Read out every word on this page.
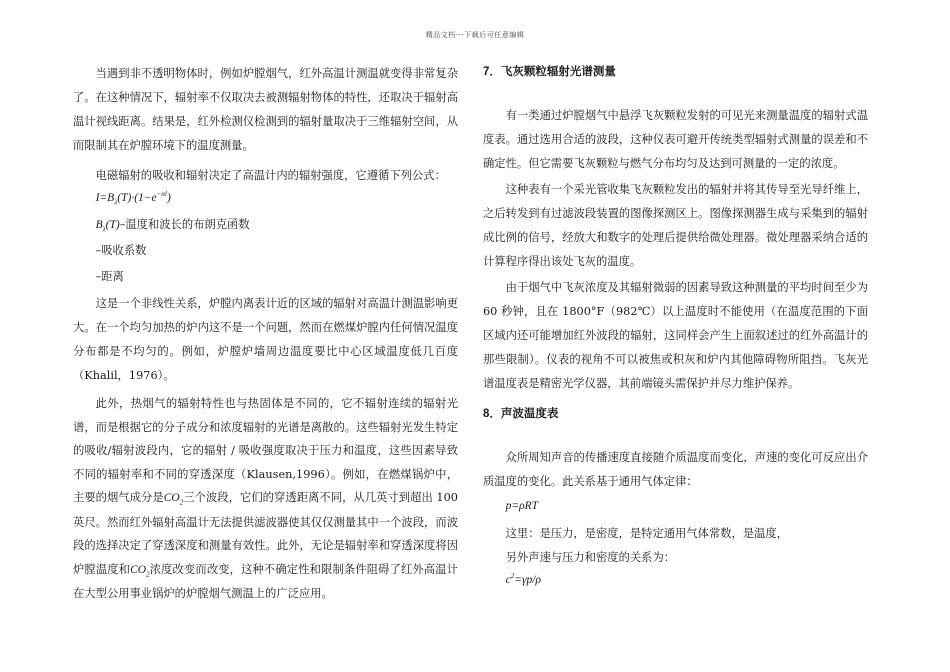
精品文档---下载后可任意编辑

当遇到非不透明物体时，例如炉膛烟气，红外高温计测温就变得非常复杂了。在这种情况下，辐射率不仅取决去被测辐射物体的特性，还取决于辐射高温计视线距离。结果是，红外检测仪检测到的辐射量取决于三维辐射空间，从而限制其在炉膛环境下的温度测量。

电磁辐射的吸收和辐射决定了高温计内的辐射强度，它遵循下列公式：

$I=B_\lambda(T)\cdot(1-e^{-\alpha l})$
$B_\lambda(T)-$温度和波长的布朗克函数
–吸收系数
–距离

这是一个非线性关系，炉膛内离表计近的区域的辐射对高温计测温影响更大。在一个均匀加热的炉内这不是一个问题，然而在燃煤炉膛内任何情况温度分布都是不均匀的。例如，炉膛炉墙周边温度要比中心区域温度低几百度（Khalil，1976）。

此外，热烟气的辐射特性也与热固体是不同的，它不辐射连续的辐射光谱，而是根据它的分子成分和浓度辐射的光谱是离散的。这些辐射光发生特定的吸收/辐射波段内，它的辐射 / 吸收强度取决于压力和温度，这些因素导致不同的辐射率和不同的穿透深度（Klausen,1996）。例如，在燃煤锅炉中，主要的烟气成分是$CO_2$三个波段，它们的穿透距离不同，从几英寸到超出 100 英尺。然而红外辐射高温计无法提供滤波器使其仅仅测量其中一个波段，而波段的选择决定了穿透深度和测量有效性。此外，无论是辐射率和穿透深度将因炉膛温度和$CO_2$浓度改变而改变，这种不确定性和限制条件阻碍了红外高温计在大型公用事业锅炉的炉膛烟气测温上的广泛应用。

7．飞灰颗粒辐射光谱测量

有一类通过炉膛烟气中悬浮飞灰颗粒发射的可见光来测量温度的辐射式温度表。通过选用合适的波段，这种仪表可避开传统类型辐射式测量的误差和不确定性。但它需要飞灰颗粒与燃气分布均匀及达到可测量的一定的浓度。

这种表有一个采光管收集飞灰颗粒发出的辐射并将其传导至光导纤维上，之后转发到有过滤波段装置的图像探测区上。图像探测器生成与采集到的辐射成比例的信号，经放大和数字的处理后提供给微处理器。微处理器采纳合适的计算程序得出该处飞灰的温度。

由于烟气中飞灰浓度及其辐射微弱的因素导致这种测量的平均时间至少为60 秒钟，且在 1800°F（982℃）以上温度时不能使用（在温度范围的下面区域内还可能增加红外波段的辐射，这同样会产生上面叙述过的红外高温计的那些限制）。仪表的视角不可以被焦或积灰和炉内其他障碍物所阻挡。飞灰光谱温度表是精密光学仪器，其前端镜头需保护并尽力维护保养。

8．声波温度表

众所周知声音的传播速度直接随介质温度而变化，声速的变化可反应出介质温度的变化。此关系基于通用气体定律：

p=ρRT
这里：是压力，是密度，是特定通用气体常数，是温度，
另外声速与压力和密度的关系为：
$c^2=\gamma p/\rho$
